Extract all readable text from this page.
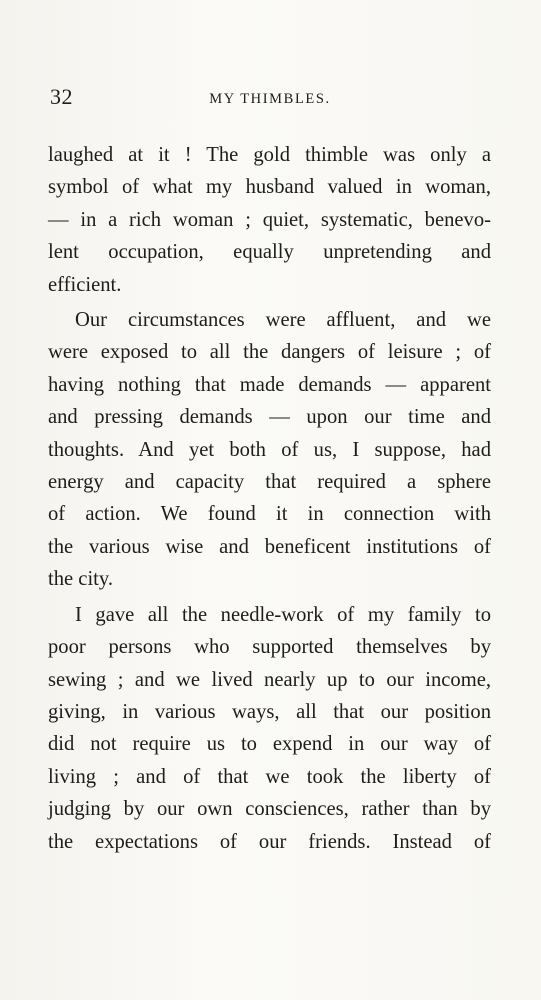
32	MY THIMBLES.
laughed at it ! The gold thimble was only a
symbol of what my husband valued in woman,
— in a rich woman ; quiet, systematic, benevo-
lent occupation, equally unpretending and
efficient.
Our circumstances were affluent, and we
were exposed to all the dangers of leisure ; of
having nothing that made demands — apparent
and pressing demands — upon our time and
thoughts. And yet both of us, I suppose, had
energy and capacity that required a sphere
of action. We found it in connection with
the various wise and beneficent institutions of
the city.
I gave all the needle-work of my family to
poor persons who supported themselves by
sewing ; and we lived nearly up to our income,
giving, in various ways, all that our position
did not require us to expend in our way of
living ; and of that we took the liberty of
judging by our own consciences, rather than by
the expectations of our friends. Instead of
